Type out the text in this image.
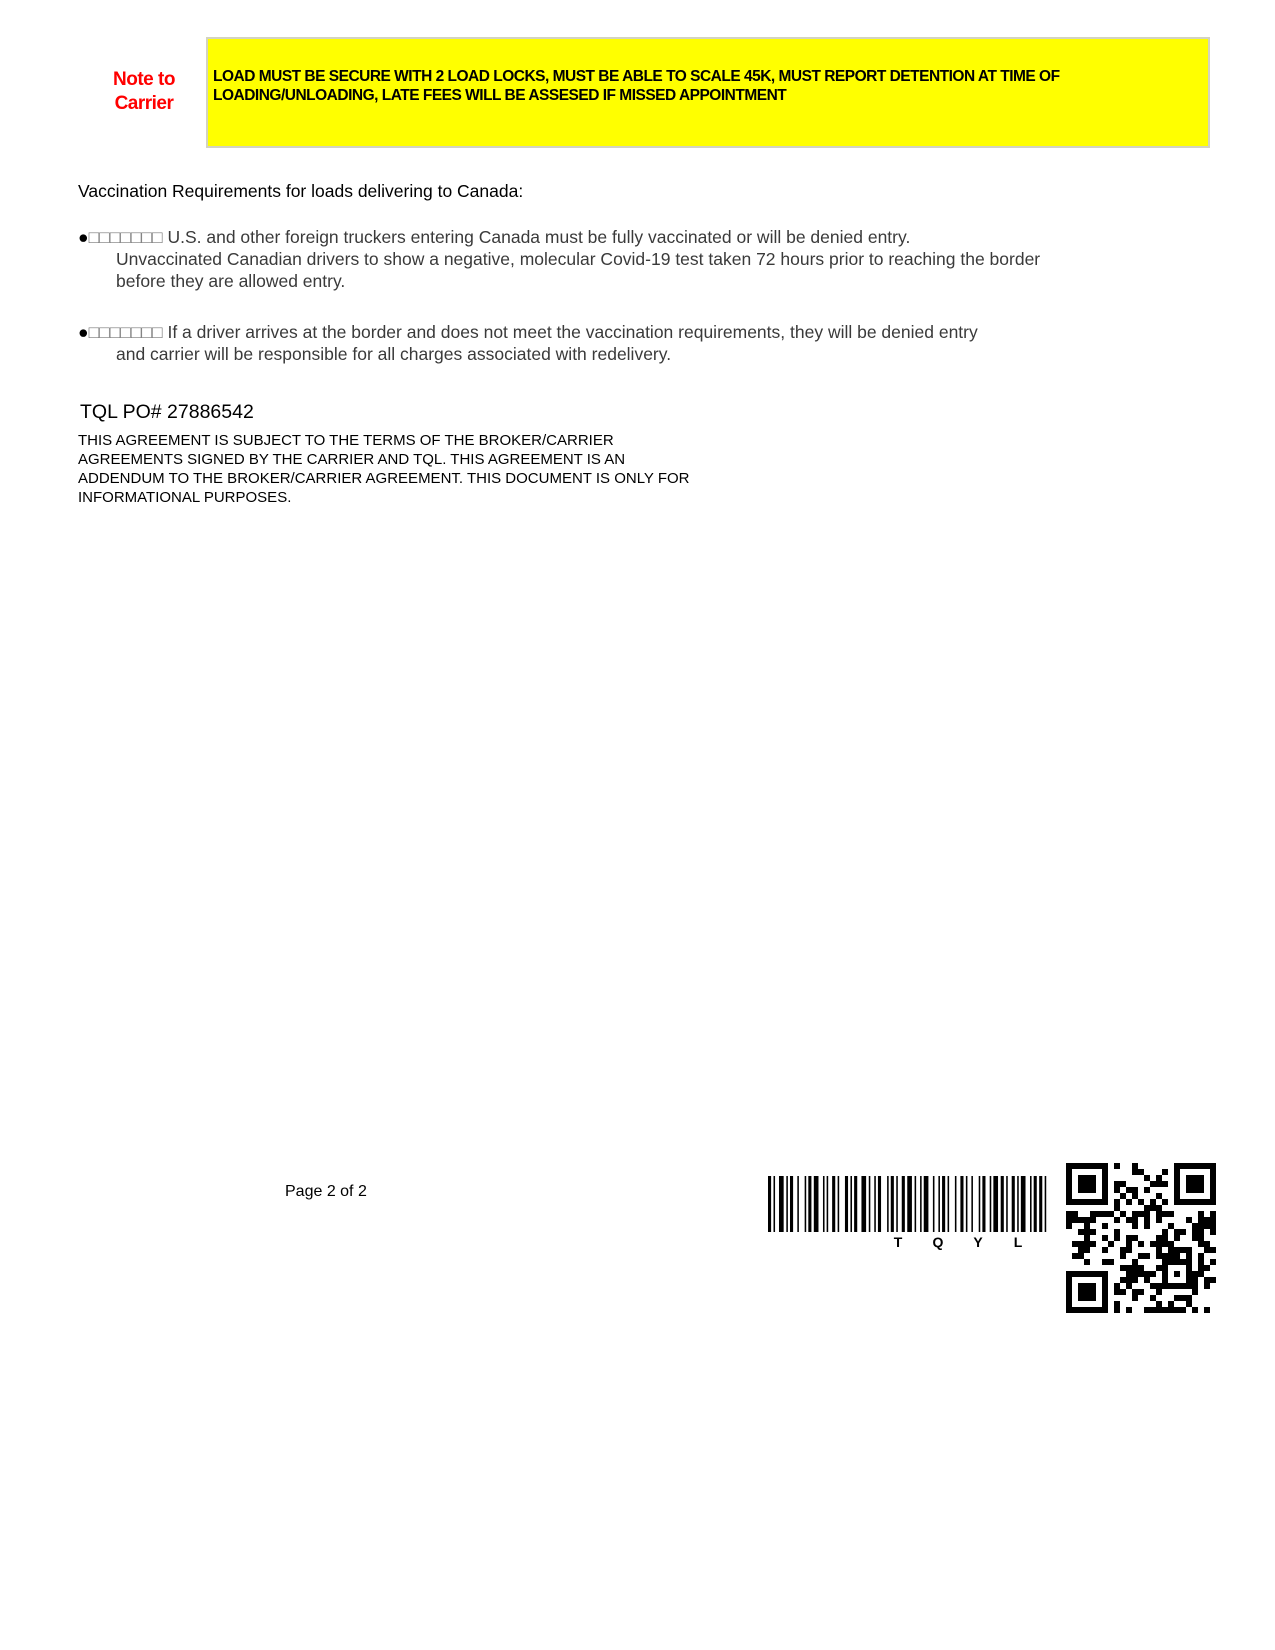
Note to
Carrier
LOAD MUST BE SECURE WITH 2 LOAD LOCKS, MUST BE ABLE TO SCALE 45K, MUST REPORT DETENTION AT TIME OF LOADING/UNLOADING, LATE FEES WILL BE ASSESED IF MISSED APPOINTMENT
Vaccination Requirements for loads delivering to Canada:
●□□□□□□□ U.S. and other foreign truckers entering Canada must be fully vaccinated or will be denied entry.
Unvaccinated Canadian drivers to show a negative, molecular Covid-19 test taken 72 hours prior to reaching the border before they are allowed entry.
●□□□□□□□ If a driver arrives at the border and does not meet the vaccination requirements, they will be denied entry
and carrier will be responsible for all charges associated with redelivery.
TQL PO# 27886542
THIS AGREEMENT IS SUBJECT TO THE TERMS OF THE BROKER/CARRIER
AGREEMENTS SIGNED BY THE CARRIER AND TQL. THIS AGREEMENT IS AN
ADDENDUM TO THE BROKER/CARRIER AGREEMENT. THIS DOCUMENT IS ONLY FOR
INFORMATIONAL PURPOSES.
Page 2 of 2
T Q Y L
